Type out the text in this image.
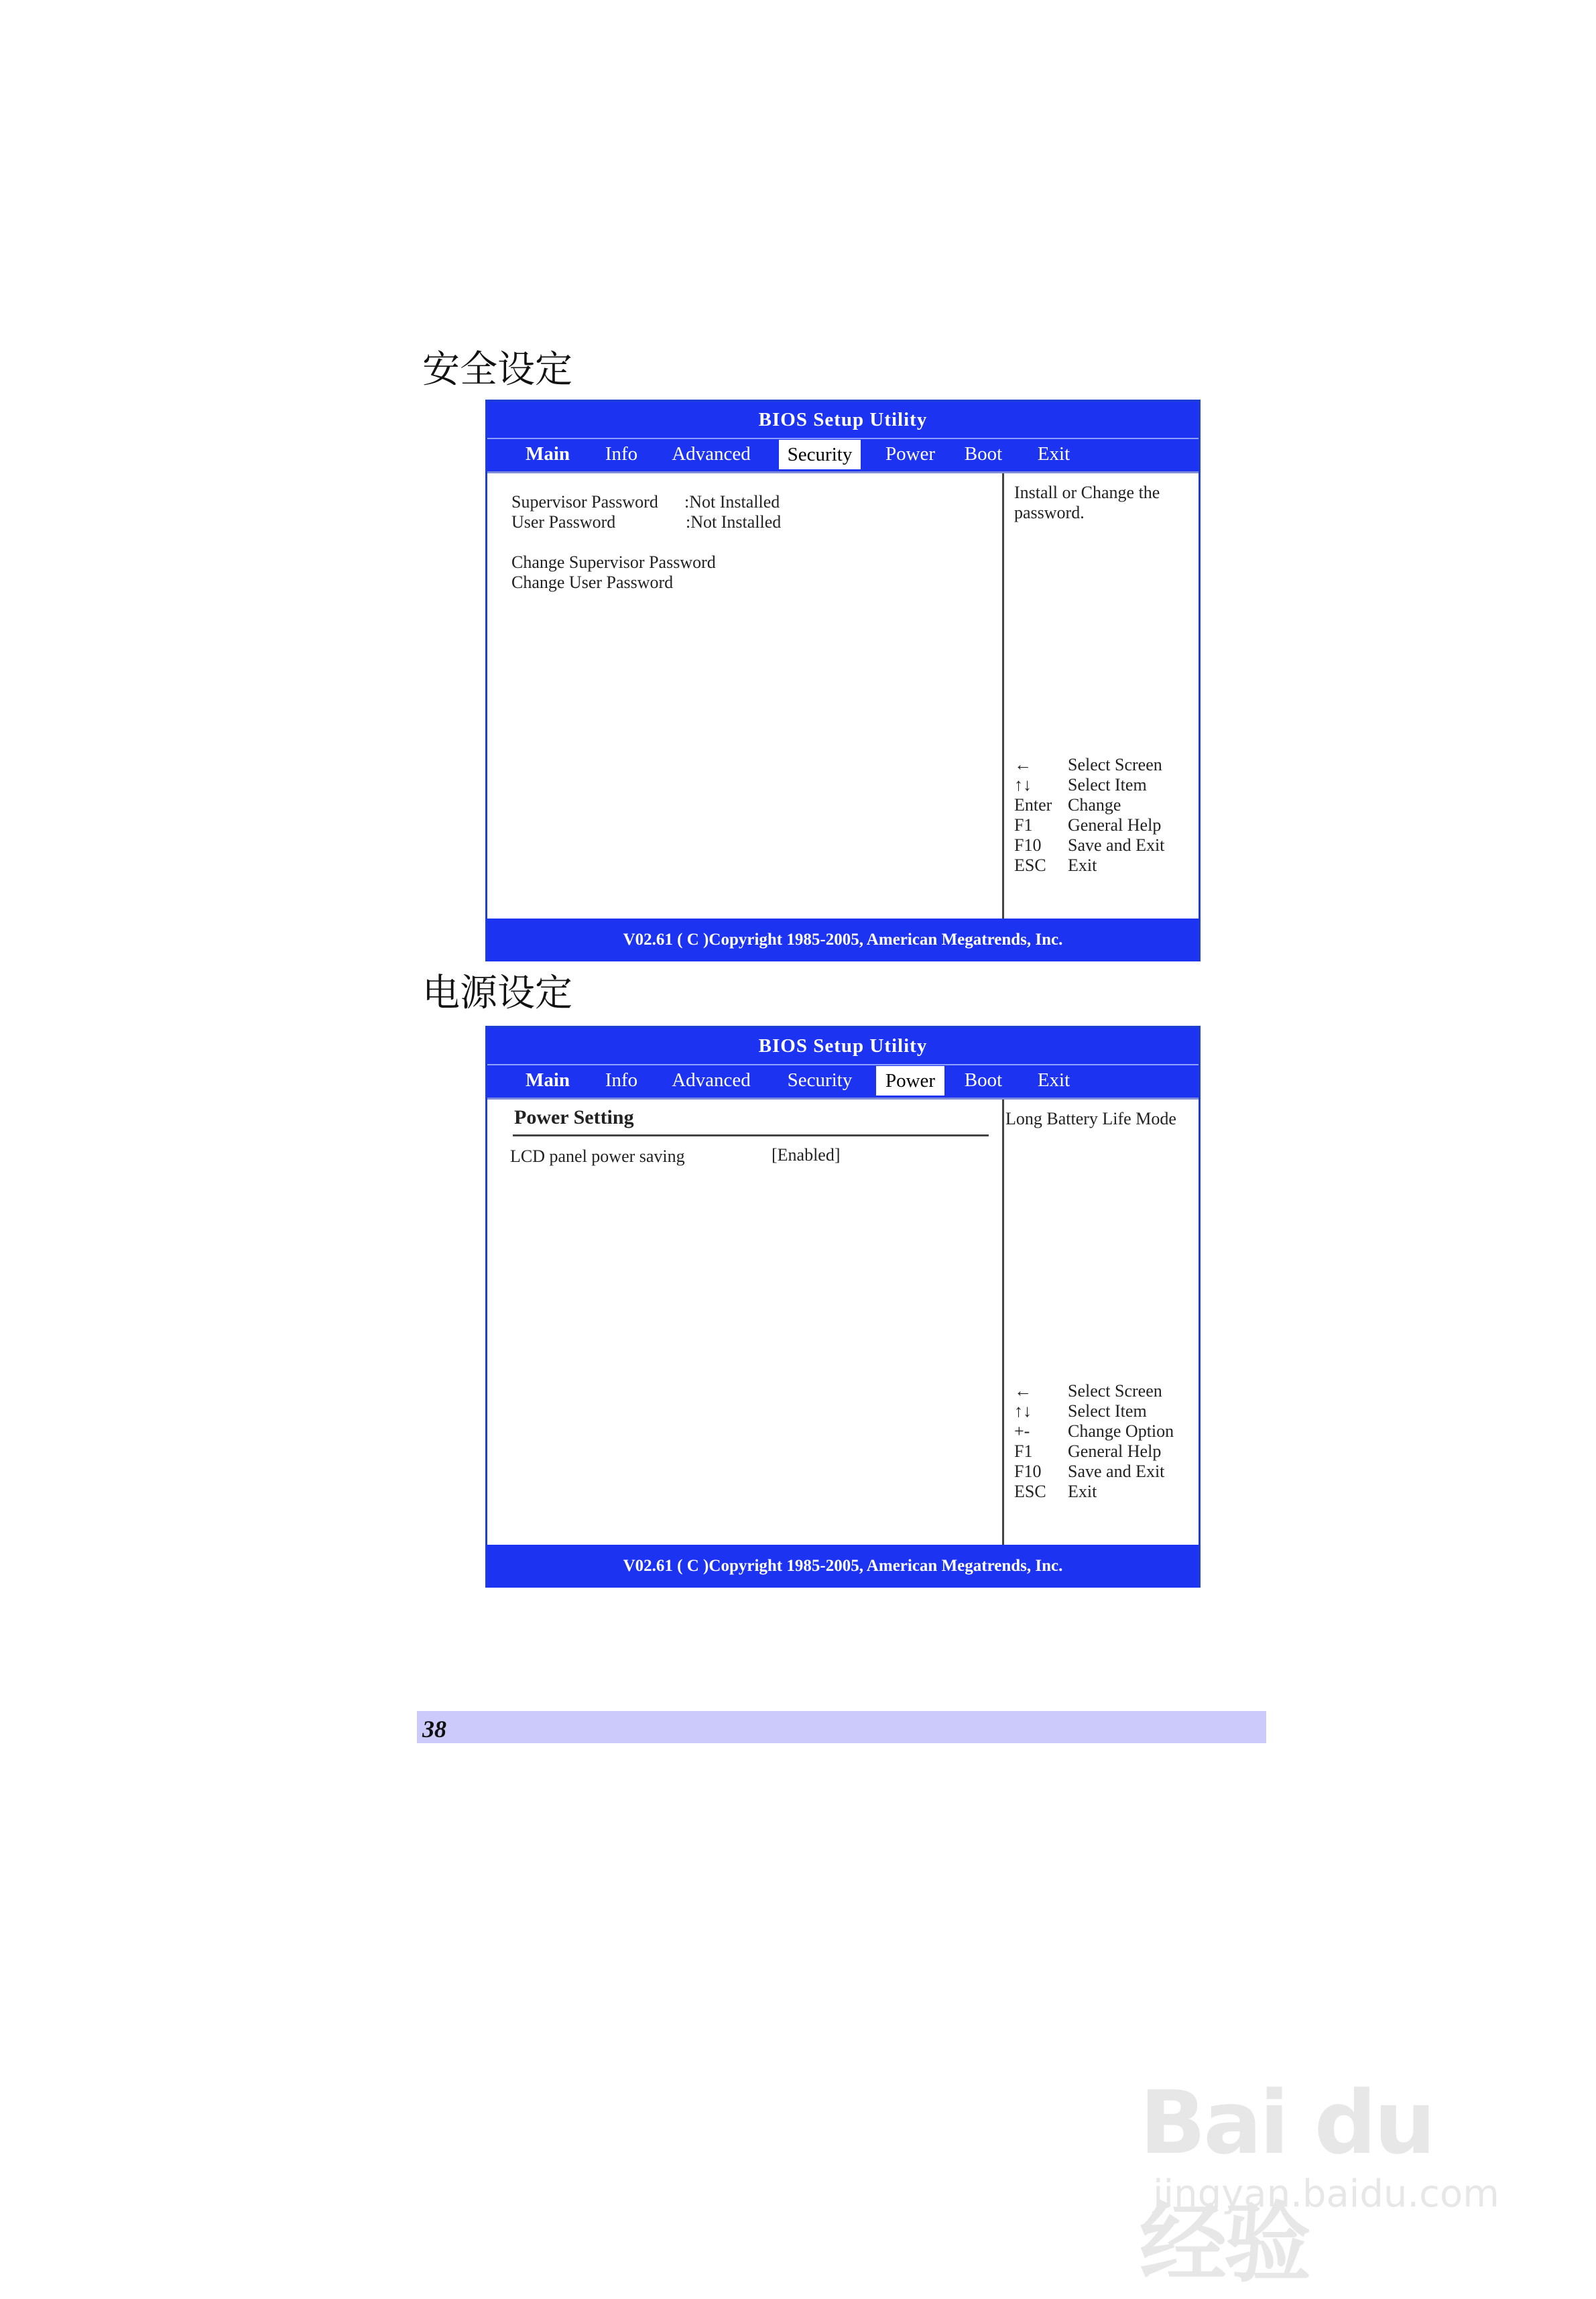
安全设定
BIOS Setup Utility
Main	Info	Advanced	Security	Power	Boot	Exit
Supervisor Password :Not Installed
User Password	:Not Installed
Change Supervisor Password
Change User Password
Install or Change the
password.
← Select Screen
↑↓ Select Item
Enter Change
F1 General Help
F10 Save and Exit
ESC Exit
V02.61 ( C )Copyright 1985-2005, American Megatrends, Inc.
电源设定
BIOS Setup Utility
Main	Info	Advanced	Security	Power	Boot	Exit
Power Setting
LCD panel power saving	[Enabled]
Long Battery Life Mode
← Select Screen
↑↓ Select Item
+- Change Option
F1 General Help
F10 Save and Exit
ESC Exit
V02.61 ( C )Copyright 1985-2005, American Megatrends, Inc.
38
Bai du 经验
jingyan.baidu.com
